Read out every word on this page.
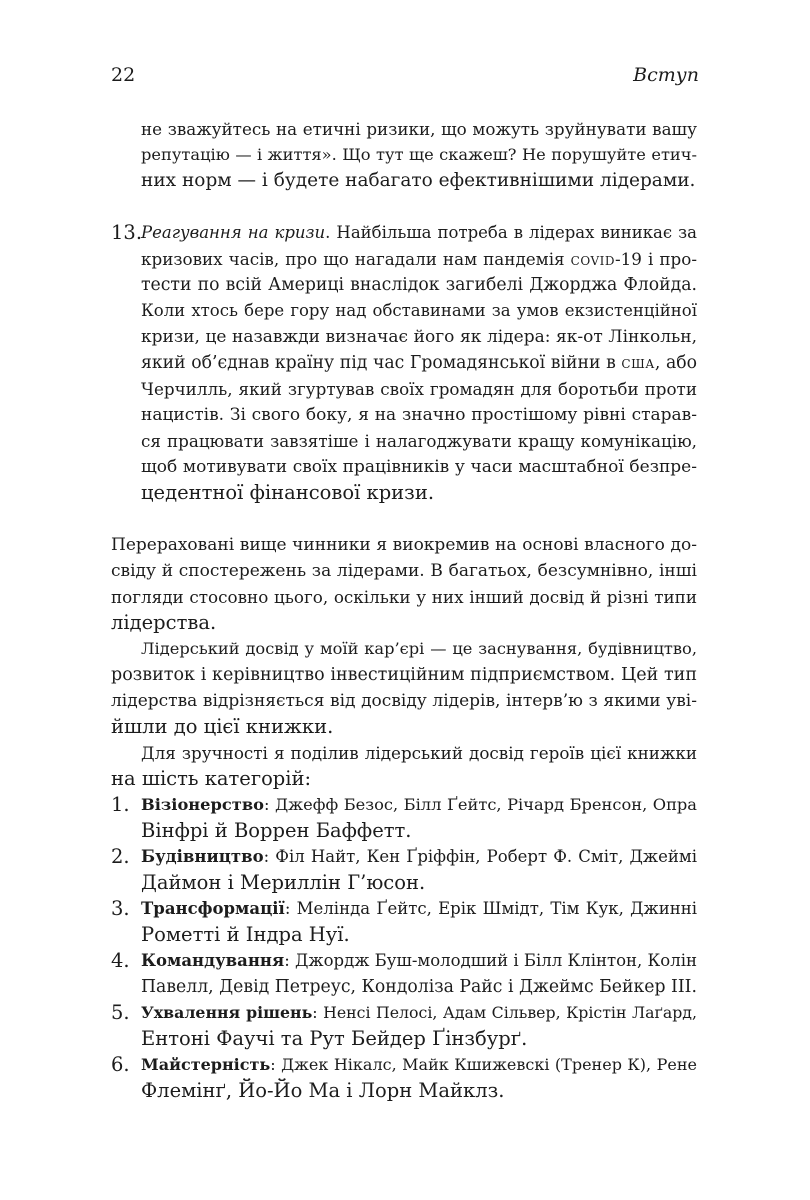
22	Вступ
не зважуйтесь на етичні ризики, що можуть зруйнувати вашу
репутацію — і життя». Що тут ще скажеш? Не порушуйте етич-
них норм — і будете набагато ефективнішими лідерами.
13.
Реагування на кризи. Найбільша потреба в лідерах виникає за
кризових часів, про що нагадали нам пандемія covid-19 і про-
тести по всій Америці внаслідок загибелі Джорджа Флойда.
Коли хтось бере гору над обставинами за умов екзистенційної
кризи, це назавжди визначає його як лідера: як-от Лінкольн,
який об’єднав країну під час Громадянської війни в сша, або
Черчилль, який згуртував своїх громадян для боротьби проти
нацистів. Зі свого боку, я на значно простішому рівні старав-
ся працювати завзятіше і налагоджувати кращу комунікацію,
щоб мотивувати своїх працівників у часи масштабної безпре-
цедентної фінансової кризи.
Перераховані вище чинники я виокремив на основі власного до-
свіду й спостережень за лідерами. В багатьох, безсумнівно, інші
погляди стосовно цього, оскільки у них інший досвід й різні типи
лідерства.
Лідерський досвід у моїй кар’єрі — це заснування, будівництво,
розвиток і керівництво інвестиційним підприємством. Цей тип
лідерства відрізняється від досвіду лідерів, інтерв’ю з якими уві-
йшли до цієї книжки.
Для зручності я поділив лідерський досвід героїв цієї книжки
на шість категорій:
1. Візіонерство: Джефф Безос, Білл Ґейтс, Річард Бренсон, Опра
Вінфрі й Воррен Баффетт.
2. Будівництво: Філ Найт, Кен Ґріффін, Роберт Ф. Сміт, Джеймі
Даймон і Мериллін Г’юсон.
3. Трансформації: Мелінда Ґейтс, Ерік Шмідт, Тім Кук, Джинні
Рометті й Індра Нуї.
4. Командування: Джордж Буш-молодший і Білл Клінтон, Колін
Павелл, Девід Петреус, Кондоліза Райс і Джеймс Бейкер ІІІ.
5. Ухвалення рішень: Ненсі Пелосі, Адам Сільвер, Крістін Лаґард,
Ентоні Фаучі та Рут Бейдер Ґінзбурґ.
6. Майстерність: Джек Нікалс, Майк Кшижевскі (Тренер К), Рене
Флемінґ, Йо-Йо Ма і Лорн Майклз.
